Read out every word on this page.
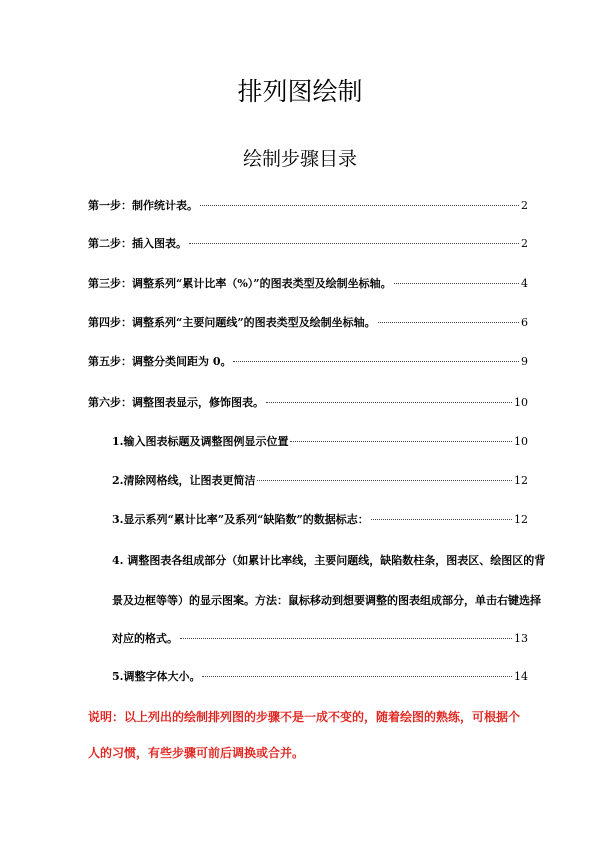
排列图绘制
绘制步骤目录
第一步：制作统计表。	2
第二步：插入图表。	2
第三步：调整系列“累计比率（%）”的图表类型及绘制坐标轴。	4
第四步：调整系列“主要问题线”的图表类型及绘制坐标轴。	6
第五步：调整分类间距为 0。	9
第六步：调整图表显示，修饰图表。	10
1.输入图表标题及调整图例显示位置	10
2.清除网格线，让图表更简洁	12
3.显示系列“累计比率”及系列“缺陷数”的数据标志：	12
4. 调整图表各组成部分（如累计比率线，主要问题线，缺陷数柱条，图表区、绘图区的背
景及边框等等）的显示图案。方法：鼠标移动到想要调整的图表组成部分，单击右键选择
对应的格式。	13
5.调整字体大小。	14
说明：以上列出的绘制排列图的步骤不是一成不变的，随着绘图的熟练，可根据个
人的习惯，有些步骤可前后调换或合并。
